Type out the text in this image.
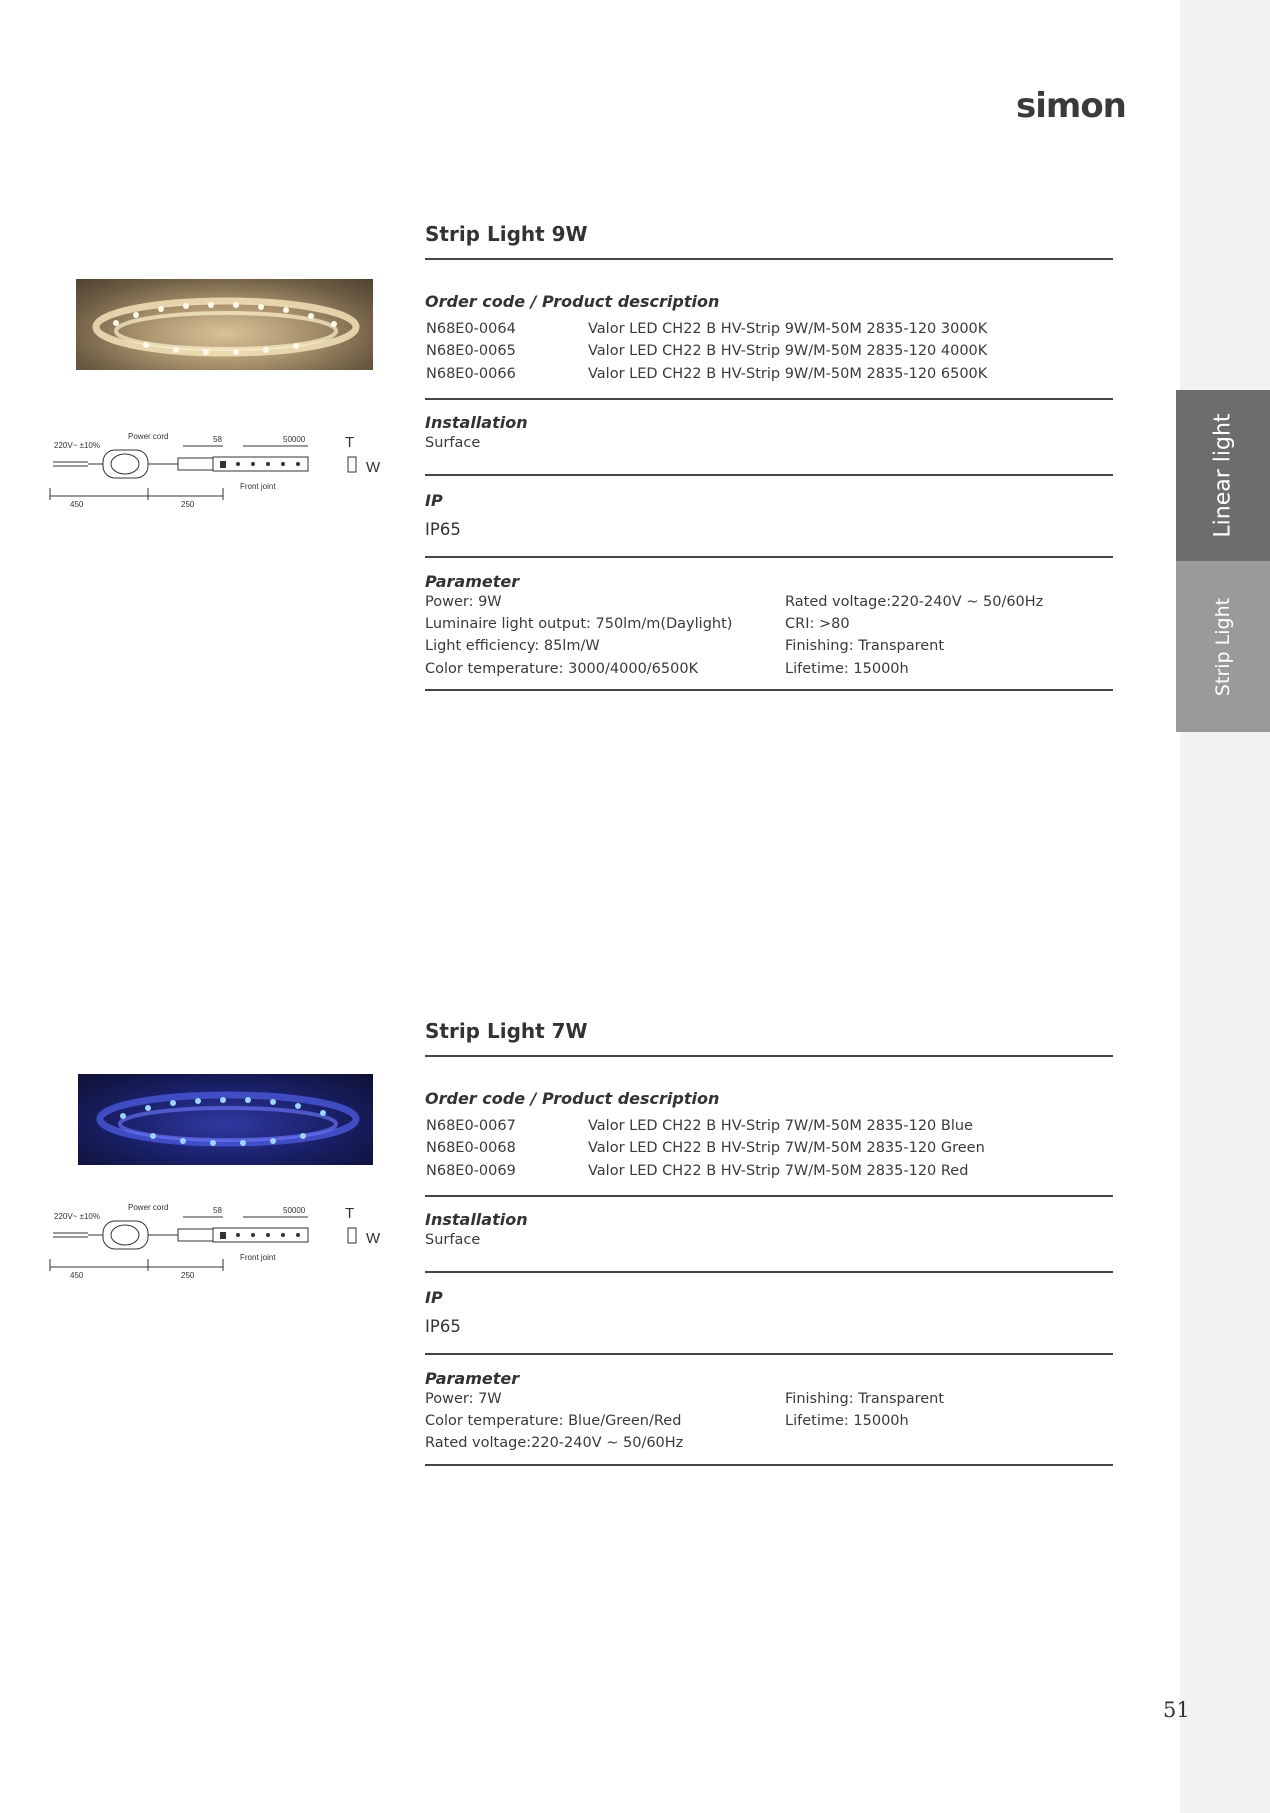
Linear light
Strip Light
simon
220V~ ±10%
Power cord	58	50000
Front joint
450	250
T
W
Strip Light 9W
Order code / Product description
N68E0-0064	Valor LED CH22 B HV-Strip 9W/M-50M 2835-120 3000K
N68E0-0065	Valor LED CH22 B HV-Strip 9W/M-50M 2835-120 4000K
N68E0-0066	Valor LED CH22 B HV-Strip 9W/M-50M 2835-120 6500K
Installation
Surface
IP
IP65
Parameter
Power: 9W	Rated voltage:220-240V ~ 50/60Hz
Luminaire light output: 750lm/m(Daylight)	CRI: >80
Light efficiency: 85lm/W	Finishing: Transparent
Color temperature: 3000/4000/6500K	Lifetime: 15000h
220V~ ±10%
Power cord	58	50000
Front joint
450	250
T
W
Strip Light 7W
Order code / Product description
N68E0-0067	Valor LED CH22 B HV-Strip 7W/M-50M 2835-120 Blue
N68E0-0068	Valor LED CH22 B HV-Strip 7W/M-50M 2835-120 Green
N68E0-0069	Valor LED CH22 B HV-Strip 7W/M-50M 2835-120 Red
Installation
Surface
IP
IP65
Parameter
Power: 7W	Finishing: Transparent
Color temperature: Blue/Green/Red	Lifetime: 15000h
Rated voltage:220-240V ~ 50/60Hz
51
